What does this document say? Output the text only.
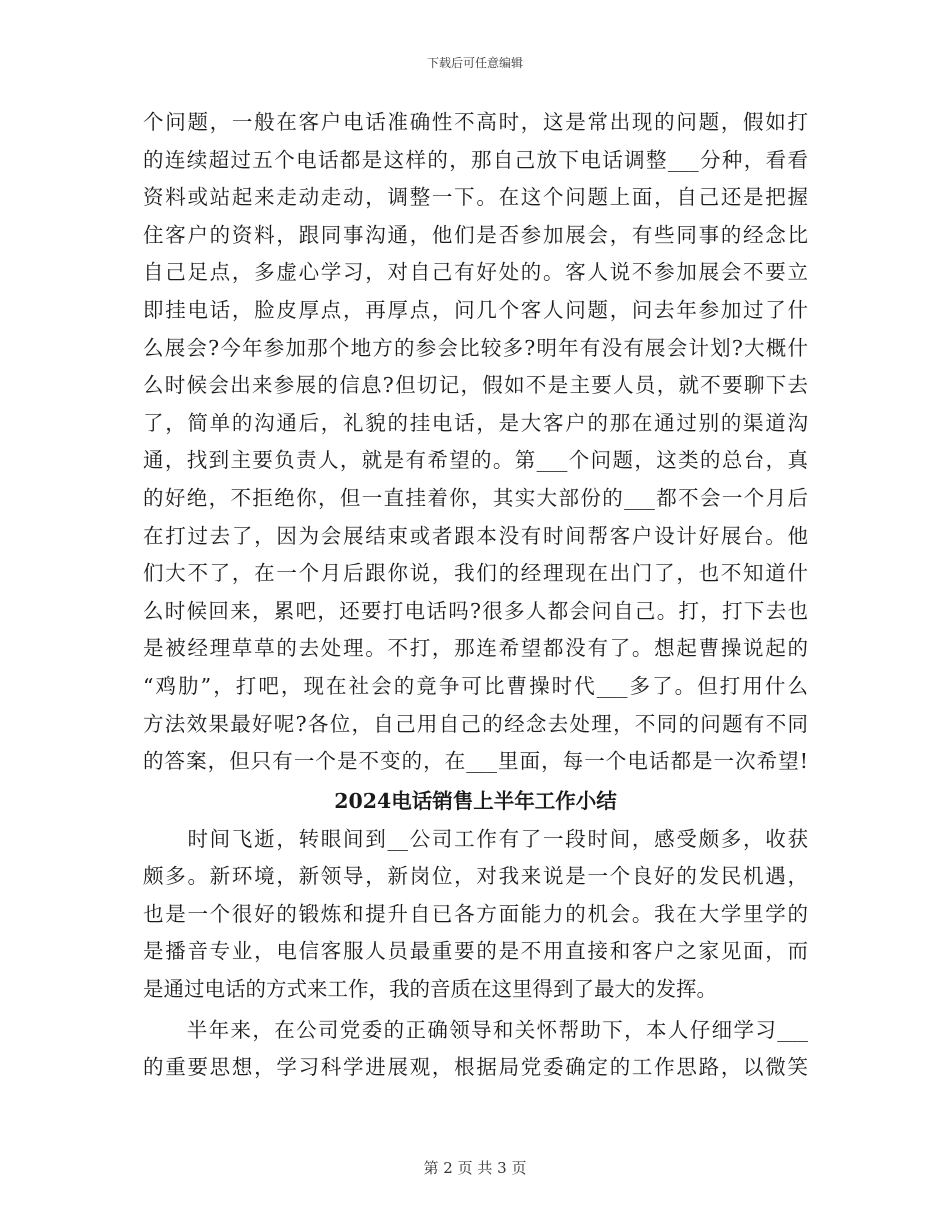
下载后可任意编辑
个问题，一般在客户电话准确性不高时，这是常出现的问题，假如打
的连续超过五个电话都是这样的，那自己放下电话调整___分种，看看
资料或站起来走动走动，调整一下。在这个问题上面，自己还是把握
住客户的资料，跟同事沟通，他们是否参加展会，有些同事的经念比
自己足点，多虚心学习，对自己有好处的。客人说不参加展会不要立
即挂电话，脸皮厚点，再厚点，问几个客人问题，问去年参加过了什
么展会?今年参加那个地方的参会比较多?明年有没有展会计划?大概什
么时候会出来参展的信息?但切记，假如不是主要人员，就不要聊下去
了，简单的沟通后，礼貌的挂电话，是大客户的那在通过别的渠道沟
通，找到主要负责人，就是有希望的。第___个问题，这类的总台，真
的好绝，不拒绝你，但一直挂着你，其实大部份的___都不会一个月后
在打过去了，因为会展结束或者跟本没有时间帮客户设计好展台。他
们大不了，在一个月后跟你说，我们的经理现在出门了，也不知道什
么时候回来，累吧，还要打电话吗?很多人都会问自己。打，打下去也
是被经理草草的去处理。不打，那连希望都没有了。想起曹操说起的
“鸡肋”，打吧，现在社会的竟争可比曹操时代___多了。但打用什么
方法效果最好呢?各位，自己用自己的经念去处理，不同的问题有不同
的答案，但只有一个是不变的，在___里面，每一个电话都是一次希望!
2024电话销售上半年工作小结
　　时间飞逝，转眼间到__公司工作有了一段时间，感受颇多，收获
颇多。新环境，新领导，新岗位，对我来说是一个良好的发民机遇，
也是一个很好的锻炼和提升自已各方面能力的机会。我在大学里学的
是播音专业，电信客服人员最重要的是不用直接和客户之家见面，而
是通过电话的方式来工作，我的音质在这里得到了最大的发挥。
　　半年来，在公司党委的正确领导和关怀帮助下，本人仔细学习___
的重要思想，学习科学进展观，根据局党委确定的工作思路，以微笑
第 2 页 共 3 页
